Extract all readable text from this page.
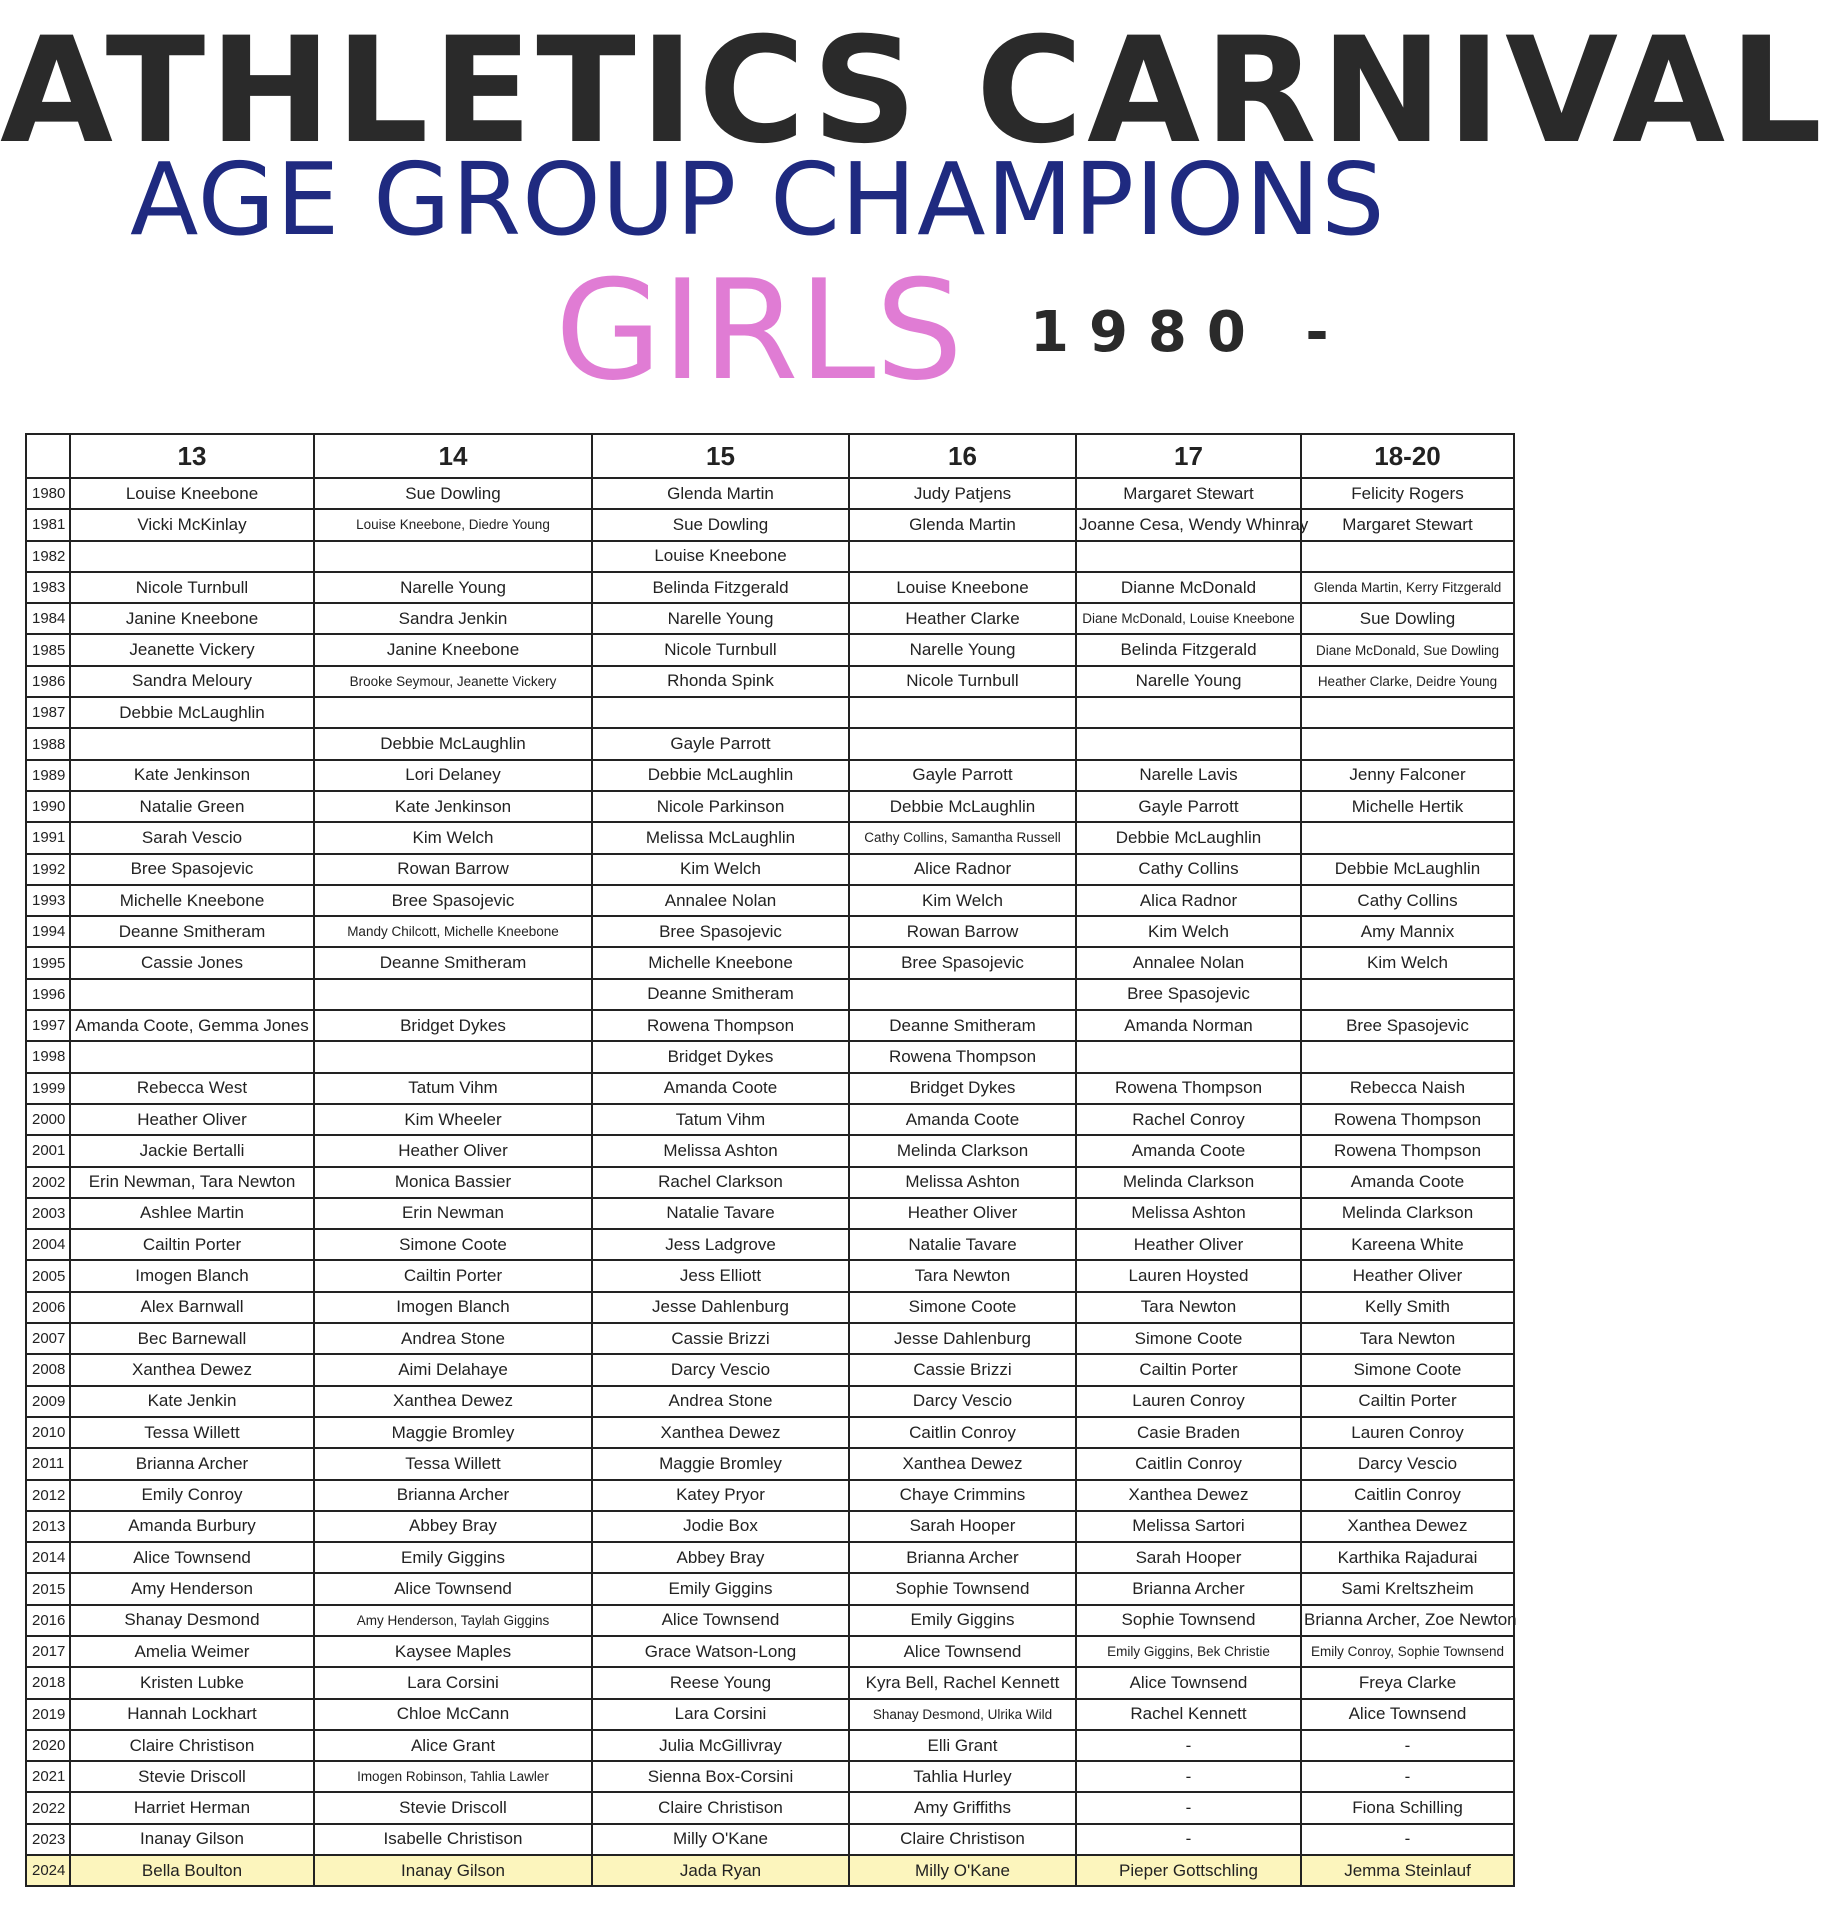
ATHLETICS CARNIVAL
AGE GROUP CHAMPIONS
GIRLS 1980 -
	13	14	15	16	17	18-20
1980	Louise Kneebone	Sue Dowling	Glenda Martin	Judy Patjens	Margaret Stewart	Felicity Rogers
1981	Vicki McKinlay	Louise Kneebone, Diedre Young	Sue Dowling	Glenda Martin	Joanne Cesa, Wendy Whinray	Margaret Stewart
1982			Louise Kneebone			
1983	Nicole Turnbull	Narelle Young	Belinda Fitzgerald	Louise Kneebone	Dianne McDonald	Glenda Martin, Kerry Fitzgerald
1984	Janine Kneebone	Sandra Jenkin	Narelle Young	Heather Clarke	Diane McDonald, Louise Kneebone	Sue Dowling
1985	Jeanette Vickery	Janine Kneebone	Nicole Turnbull	Narelle Young	Belinda Fitzgerald	Diane McDonald, Sue Dowling
1986	Sandra Meloury	Brooke Seymour, Jeanette Vickery	Rhonda Spink	Nicole Turnbull	Narelle Young	Heather Clarke, Deidre Young
1987	Debbie McLaughlin					
1988		Debbie McLaughlin	Gayle Parrott			
1989	Kate Jenkinson	Lori Delaney	Debbie McLaughlin	Gayle Parrott	Narelle Lavis	Jenny Falconer
1990	Natalie Green	Kate Jenkinson	Nicole Parkinson	Debbie McLaughlin	Gayle Parrott	Michelle Hertik
1991	Sarah Vescio	Kim Welch	Melissa McLaughlin	Cathy Collins, Samantha Russell	Debbie McLaughlin	
1992	Bree Spasojevic	Rowan Barrow	Kim Welch	Alice Radnor	Cathy Collins	Debbie McLaughlin
1993	Michelle Kneebone	Bree Spasojevic	Annalee Nolan	Kim Welch	Alica Radnor	Cathy Collins
1994	Deanne Smitheram	Mandy Chilcott, Michelle Kneebone	Bree Spasojevic	Rowan Barrow	Kim Welch	Amy Mannix
1995	Cassie Jones	Deanne Smitheram	Michelle Kneebone	Bree Spasojevic	Annalee Nolan	Kim Welch
1996			Deanne Smitheram		Bree Spasojevic	
1997	Amanda Coote, Gemma Jones	Bridget Dykes	Rowena Thompson	Deanne Smitheram	Amanda Norman	Bree Spasojevic
1998			Bridget Dykes	Rowena Thompson		
1999	Rebecca West	Tatum Vihm	Amanda Coote	Bridget Dykes	Rowena Thompson	Rebecca Naish
2000	Heather Oliver	Kim Wheeler	Tatum Vihm	Amanda Coote	Rachel Conroy	Rowena Thompson
2001	Jackie Bertalli	Heather Oliver	Melissa Ashton	Melinda Clarkson	Amanda Coote	Rowena Thompson
2002	Erin Newman, Tara Newton	Monica Bassier	Rachel Clarkson	Melissa Ashton	Melinda Clarkson	Amanda Coote
2003	Ashlee Martin	Erin Newman	Natalie Tavare	Heather Oliver	Melissa Ashton	Melinda Clarkson
2004	Cailtin Porter	Simone Coote	Jess Ladgrove	Natalie Tavare	Heather Oliver	Kareena White
2005	Imogen Blanch	Cailtin Porter	Jess Elliott	Tara Newton	Lauren Hoysted	Heather Oliver
2006	Alex Barnwall	Imogen Blanch	Jesse Dahlenburg	Simone Coote	Tara Newton	Kelly Smith
2007	Bec Barnewall	Andrea Stone	Cassie Brizzi	Jesse Dahlenburg	Simone Coote	Tara Newton
2008	Xanthea Dewez	Aimi Delahaye	Darcy Vescio	Cassie Brizzi	Cailtin Porter	Simone Coote
2009	Kate Jenkin	Xanthea Dewez	Andrea Stone	Darcy Vescio	Lauren Conroy	Cailtin Porter
2010	Tessa Willett	Maggie Bromley	Xanthea Dewez	Caitlin Conroy	Casie Braden	Lauren Conroy
2011	Brianna Archer	Tessa Willett	Maggie Bromley	Xanthea Dewez	Caitlin Conroy	Darcy Vescio
2012	Emily Conroy	Brianna Archer	Katey Pryor	Chaye Crimmins	Xanthea Dewez	Caitlin Conroy
2013	Amanda Burbury	Abbey Bray	Jodie Box	Sarah Hooper	Melissa Sartori	Xanthea Dewez
2014	Alice Townsend	Emily Giggins	Abbey Bray	Brianna Archer	Sarah Hooper	Karthika Rajadurai
2015	Amy Henderson	Alice Townsend	Emily Giggins	Sophie Townsend	Brianna Archer	Sami Kreltszheim
2016	Shanay Desmond	Amy Henderson, Taylah Giggins	Alice Townsend	Emily Giggins	Sophie Townsend	Brianna Archer, Zoe Newton
2017	Amelia Weimer	Kaysee Maples	Grace Watson-Long	Alice Townsend	Emily Giggins, Bek Christie	Emily Conroy, Sophie Townsend
2018	Kristen Lubke	Lara Corsini	Reese Young	Kyra Bell, Rachel Kennett	Alice Townsend	Freya Clarke
2019	Hannah Lockhart	Chloe McCann	Lara Corsini	Shanay Desmond, Ulrika Wild	Rachel Kennett	Alice Townsend
2020	Claire Christison	Alice Grant	Julia McGillivray	Elli Grant	-	-
2021	Stevie Driscoll	Imogen Robinson, Tahlia Lawler	Sienna Box-Corsini	Tahlia Hurley	-	-
2022	Harriet Herman	Stevie Driscoll	Claire Christison	Amy Griffiths	-	Fiona Schilling
2023	Inanay Gilson	Isabelle Christison	Milly O'Kane	Claire Christison	-	-
2024	Bella Boulton	Inanay Gilson	Jada Ryan	Milly O'Kane	Pieper Gottschling	Jemma Steinlauf
